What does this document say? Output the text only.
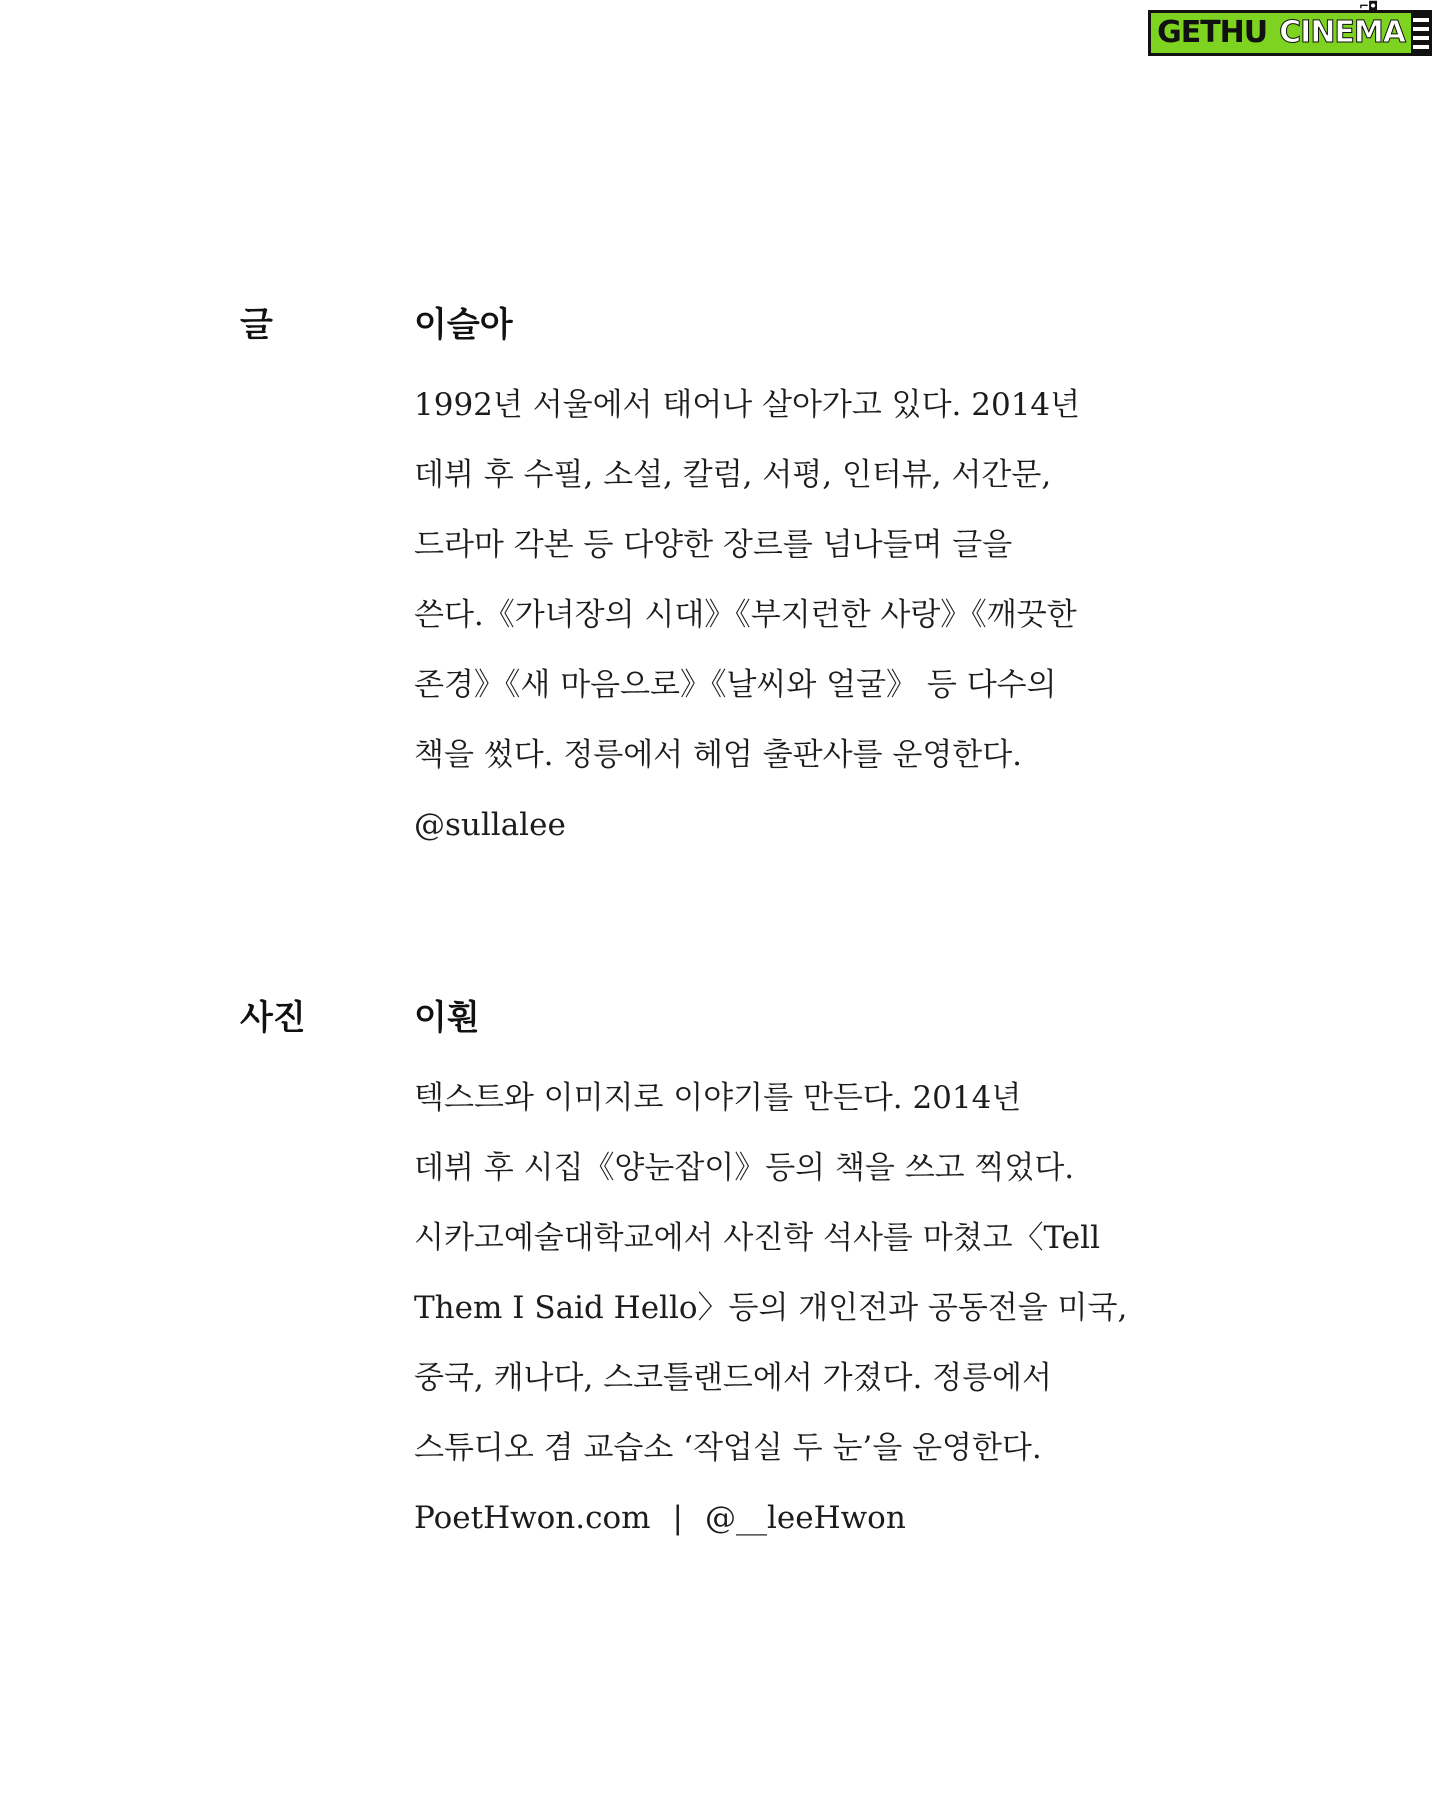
⌐◘
GETHU CINEMA
글	이슬아
1992년 서울에서 태어나 살아가고 있다. 2014년
데뷔 후 수필, 소설, 칼럼, 서평, 인터뷰, 서간문,
드라마 각본 등 다양한 장르를 넘나들며 글을
쓴다.《가녀장의 시대》《부지런한 사랑》《깨끗한
존경》《새 마음으로》《날씨와 얼굴》 등 다수의
책을 썼다. 정릉에서 헤엄 출판사를 운영한다.
@sullalee
사진	이훤
텍스트와 이미지로 이야기를 만든다. 2014년
데뷔 후 시집《양눈잡이》등의 책을 쓰고 찍었다.
시카고예술대학교에서 사진학 석사를 마쳤고〈Tell
Them I Said Hello〉등의 개인전과 공동전을 미국,
중국, 캐나다, 스코틀랜드에서 가졌다. 정릉에서
스튜디오 겸 교습소 ‘작업실 두 눈’을 운영한다.
PoetHwon.com | @__leeHwon
